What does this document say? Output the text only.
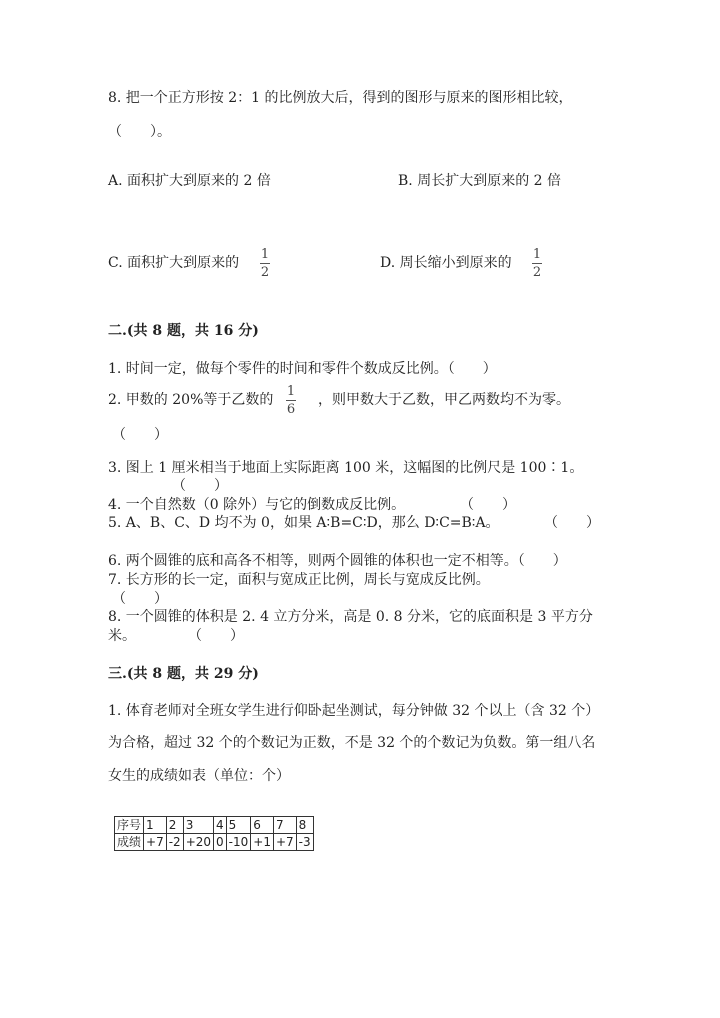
8. 把一个正方形按 2：1 的比例放大后，得到的图形与原来的图形相比较，
（　　）。
A. 面积扩大到原来的 2 倍	B. 周长扩大到原来的 2 倍
C. 面积扩大到原来的
1
2
D. 周长缩小到原来的
1
2
二.(共 8 题，共 16 分)
1. 时间一定，做每个零件的时间和零件个数成反比例。（　　）
2. 甲数的 20%等于乙数的
1
6
，则甲数大于乙数，甲乙两数均不为零。
（　　）
3. 图上 1 厘米相当于地面上实际距离 100 米，这幅图的比例尺是 100∶1。
（　　）
4. 一个自然数（0 除外）与它的倒数成反比例。	（　　）
5. A、B、C、D 均不为 0，如果 A∶B=C∶D，那么 D∶C=B∶A。	（　　）
6. 两个圆锥的底和高各不相等，则两个圆锥的体积也一定不相等。（　　）
7. 长方形的长一定，面积与宽成正比例，周长与宽成反比例。
（　　）
8. 一个圆锥的体积是 2. 4 立方分米，高是 0. 8 分米，它的底面积是 3 平方分
米。	（　　）
三.(共 8 题，共 29 分)
1. 体育老师对全班女学生进行仰卧起坐测试，每分钟做 32 个以上（含 32 个）
为合格，超过 32 个的个数记为正数，不是 32 个的个数记为负数。第一组八名
女生的成绩如表（单位：个）
序号	1	2	3	4	5	6	7	8
成绩	+7	-2	+20	0	-10	+1	+7	-3
